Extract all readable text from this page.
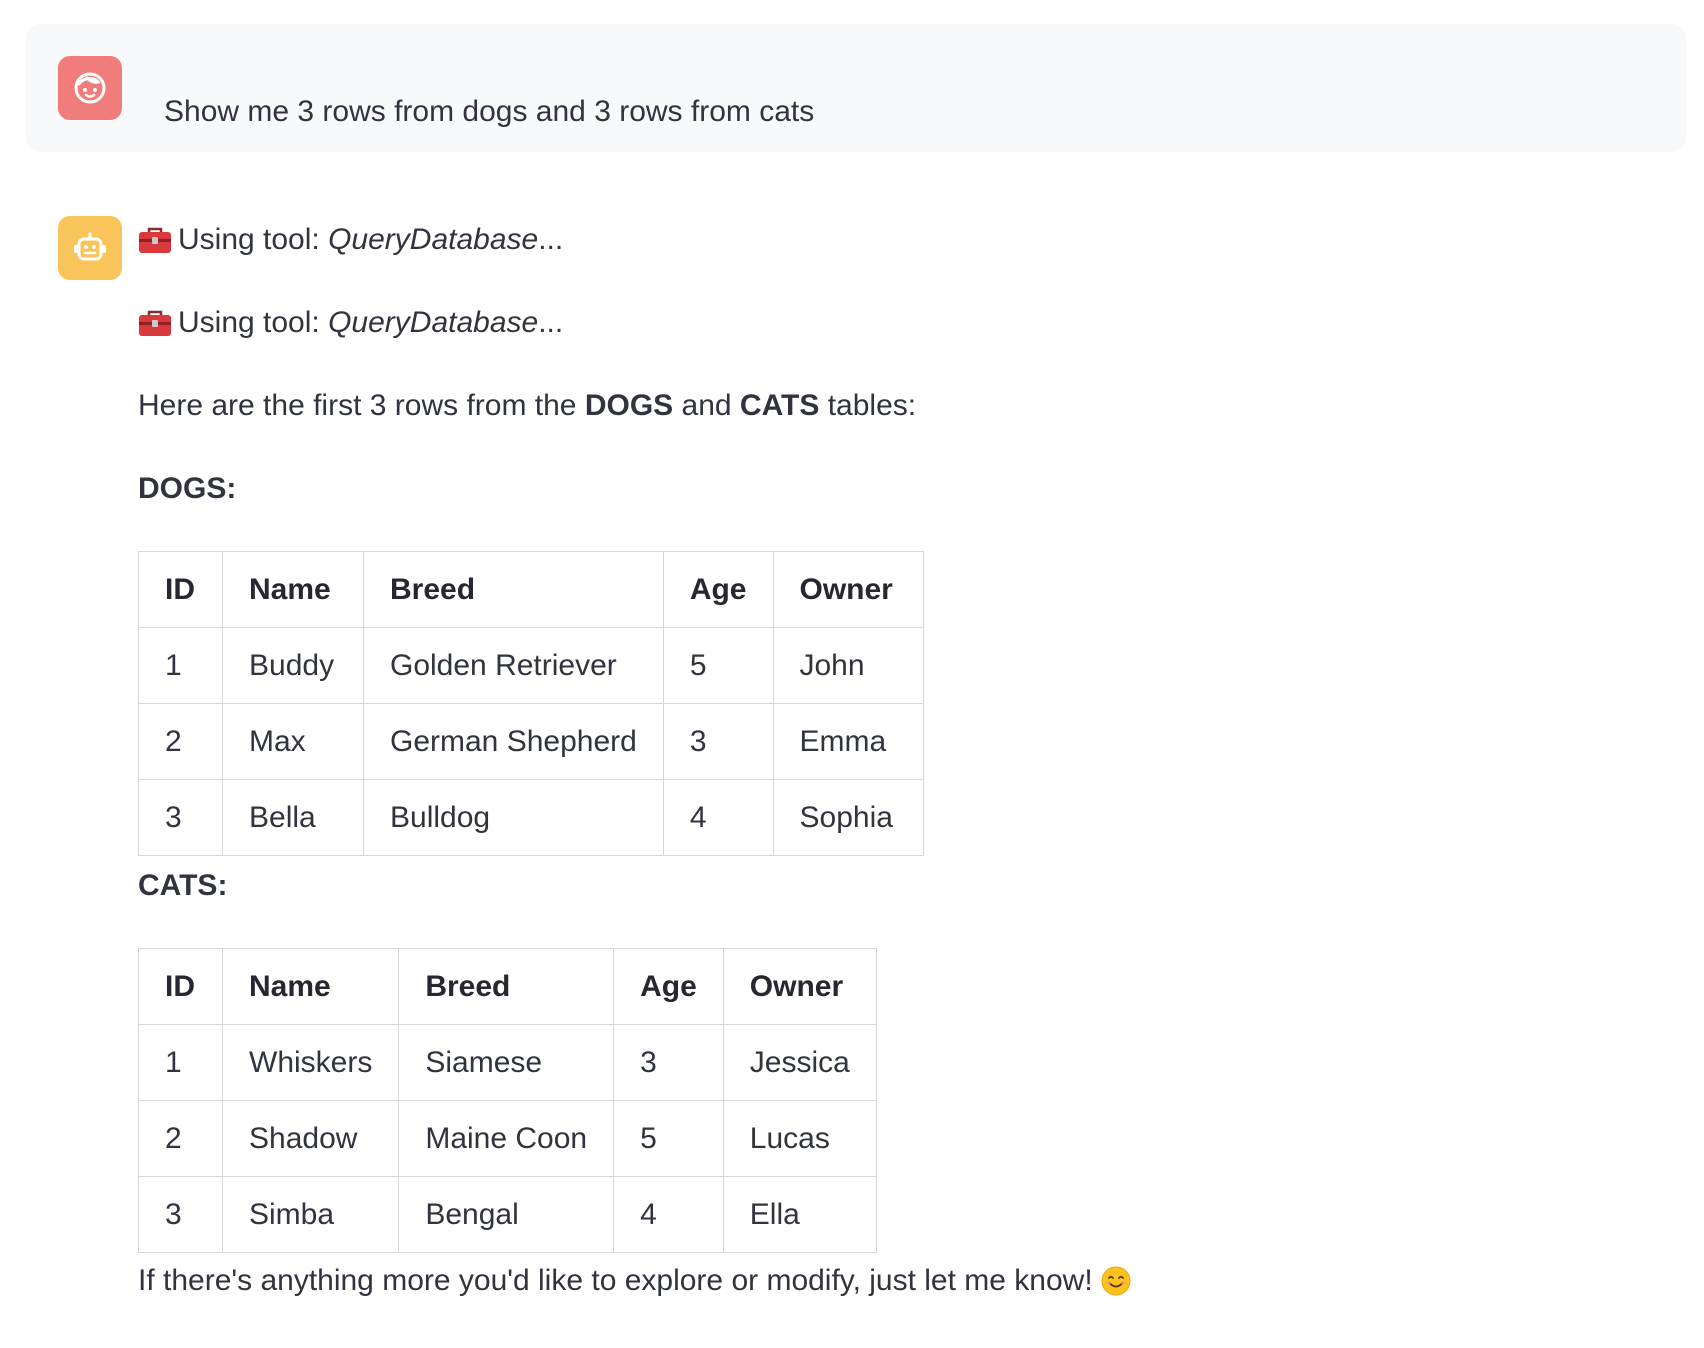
Show me 3 rows from dogs and 3 rows from cats
Using tool: QueryDatabase ...
Using tool: QueryDatabase ...
Here are the first 3 rows from the DOGS and CATS tables:
DOGS:
ID	Name	Breed	Age	Owner
1	Buddy	Golden Retriever	5	John
2	Max	German Shepherd	3	Emma
3	Bella	Bulldog	4	Sophia
CATS:
ID	Name	Breed	Age	Owner
1	Whiskers	Siamese	3	Jessica
2	Shadow	Maine Coon	5	Lucas
3	Simba	Bengal	4	Ella
If there's anything more you'd like to explore or modify, just let me know!
